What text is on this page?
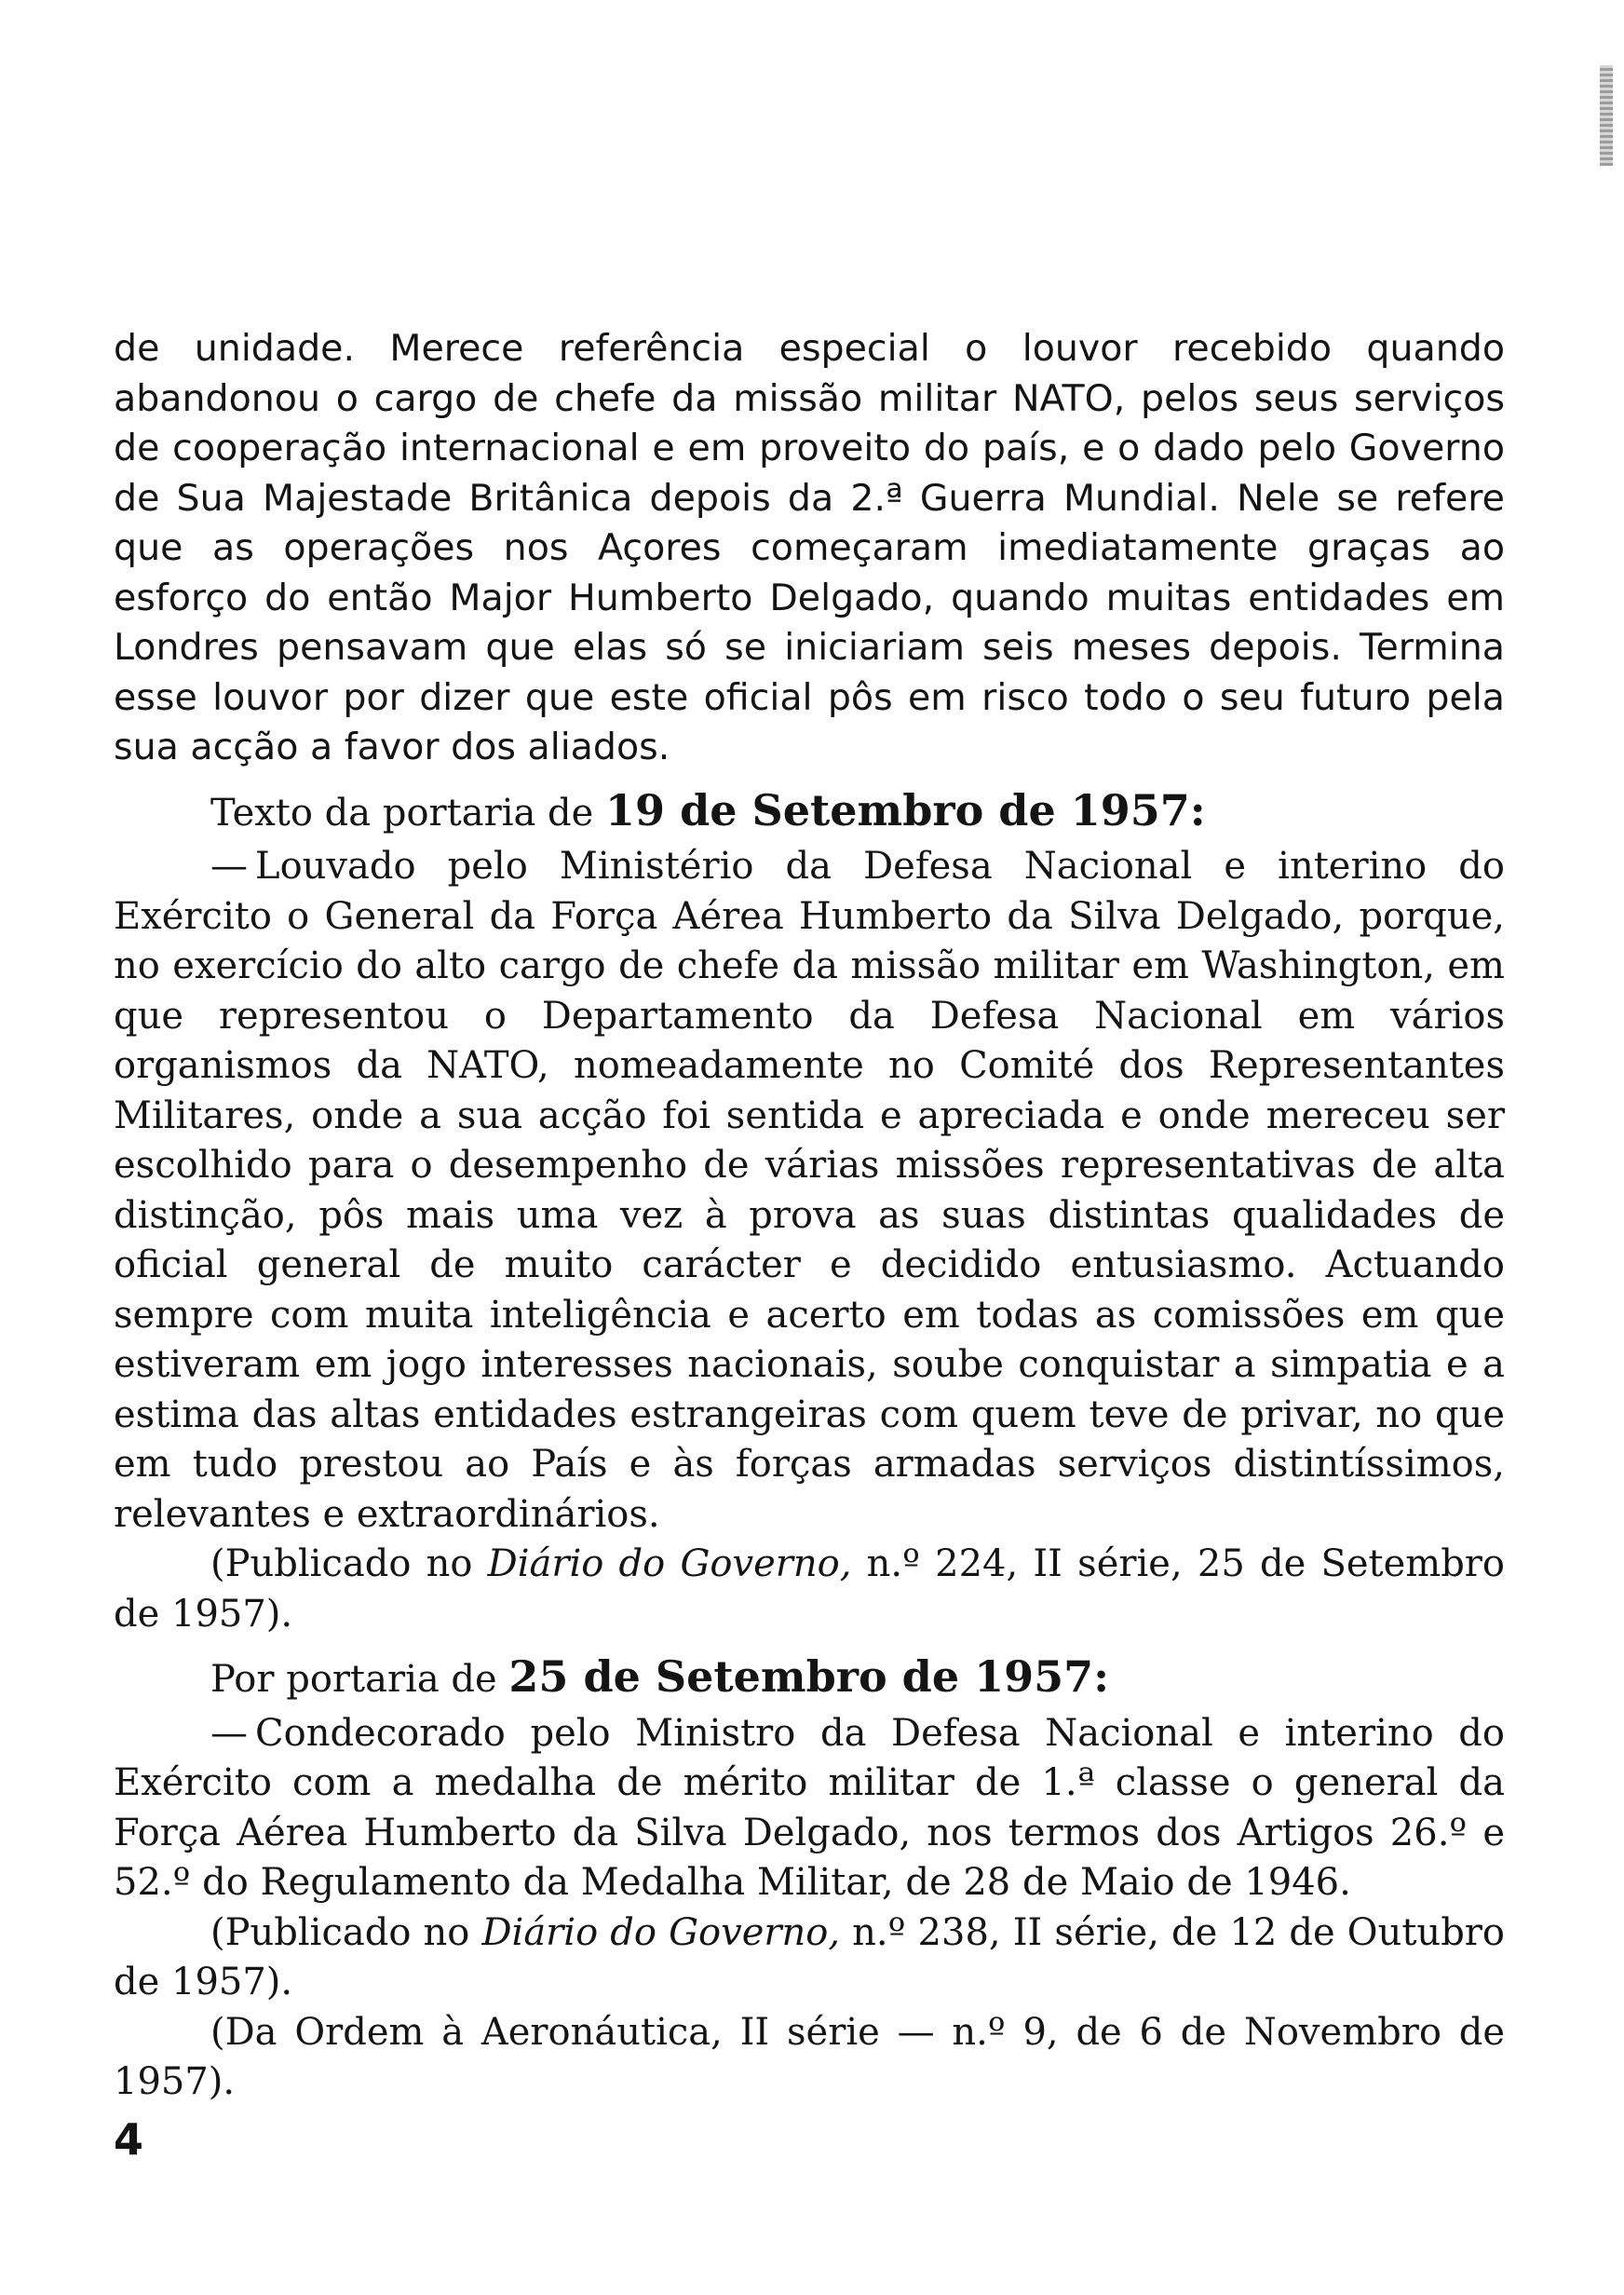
de unidade. Merece referência especial o louvor recebido quando abandonou o cargo de chefe da missão militar NATO, pelos seus serviços de cooperação internacional e em proveito do país, e o dado pelo Governo de Sua Majestade Britânica depois da 2.ª Guerra Mundial. Nele se refere que as operações nos Açores começaram imediatamente graças ao esforço do então Major Humberto Delgado, quando muitas entidades em Londres pensavam que elas só se iniciariam seis meses depois. Termina esse louvor por dizer que este oficial pôs em risco todo o seu futuro pela sua acção a favor dos aliados.

Texto da portaria de 19 de Setembro de 1957:

— Louvado pelo Ministério da Defesa Nacional e interino do Exército o General da Força Aérea Humberto da Silva Delgado, porque, no exercício do alto cargo de chefe da missão militar em Washington, em que representou o Departamento da Defesa Nacional em vários organismos da NATO, nomeadamente no Comité dos Representantes Militares, onde a sua acção foi sentida e apreciada e onde mereceu ser escolhido para o desempenho de várias missões representativas de alta distinção, pôs mais uma vez à prova as suas distintas qualidades de oficial general de muito carácter e decidido entusiasmo. Actuando sempre com muita inteligência e acerto em todas as comissões em que estiveram em jogo interesses nacionais, soube conquistar a simpatia e a estima das altas entidades estrangeiras com quem teve de privar, no que em tudo prestou ao País e às forças armadas serviços distintíssimos, relevantes e extraordinários.

(Publicado no Diário do Governo, n.º 224, II série, 25 de Setembro de 1957).

Por portaria de 25 de Setembro de 1957:

— Condecorado pelo Ministro da Defesa Nacional e interino do Exército com a medalha de mérito militar de 1.ª classe o general da Força Aérea Humberto da Silva Delgado, nos termos dos Artigos 26.º e 52.º do Regulamento da Medalha Militar, de 28 de Maio de 1946.

(Publicado no Diário do Governo, n.º 238, II série, de 12 de Outubro de 1957).

(Da Ordem à Aeronáutica, II série — n.º 9, de 6 de Novembro de 1957).

4
